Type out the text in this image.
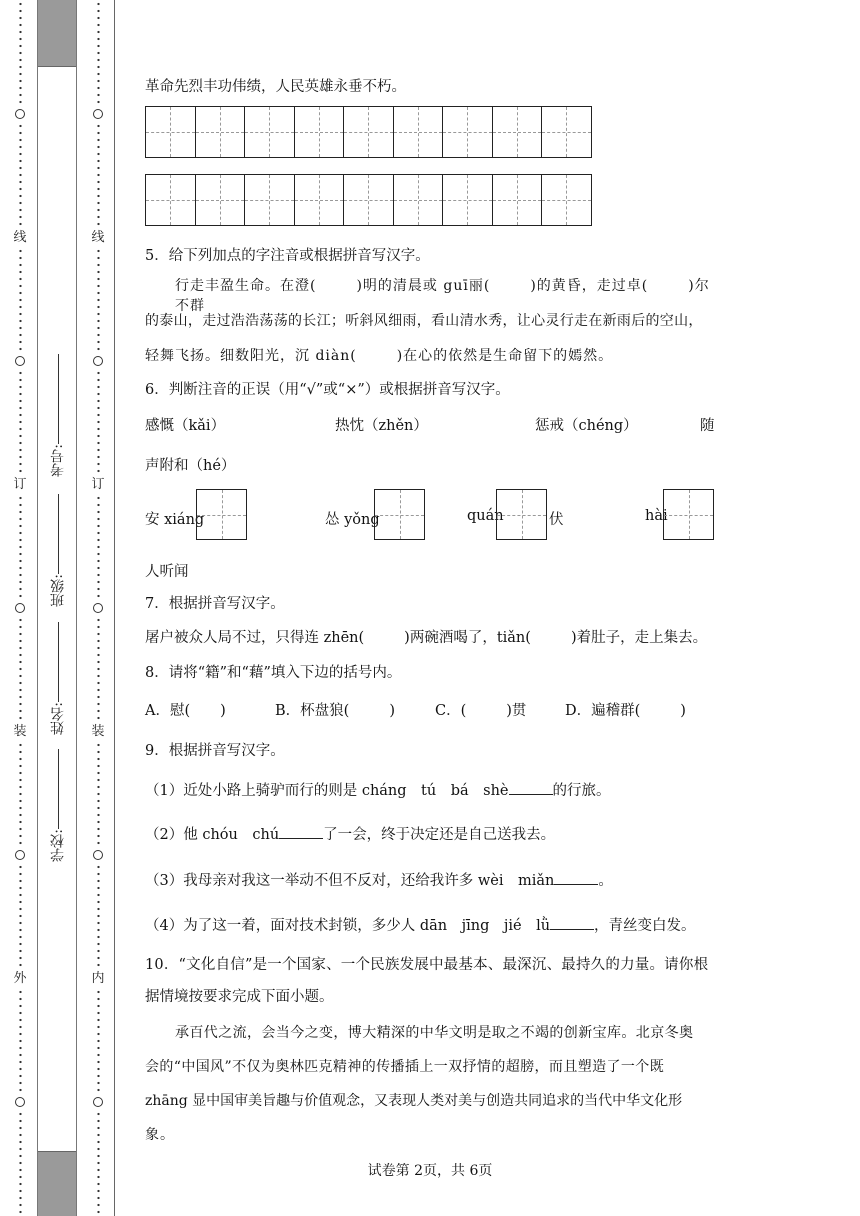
线
订
装
外
考号:
班级:
姓名:
学校:
线
订
装
内

革命先烈丰功伟绩，人民英雄永垂不朽。

5．给下列加点的字注音或根据拼音写汉字。

行走丰盈生命。在澄(	)明的清晨或 guī丽(	)的黄昏，走过卓(	)尔不群
的泰山，走过浩浩荡荡的长江；听斜风细雨，看山清水秀，让心灵行走在新雨后的空山，
轻舞飞扬。细数阳光，沉 diàn(	)在心的依然是生命留下的嫣然。

6．判断注音的正误（用“√”或“×”）或根据拼音写汉字。

感慨（kǎi）	热忱（zhěn）	惩戒（chéng）	随

声附和（hé）

安 xiáng	怂 yǒng	quán	伏	hài

人听闻

7．根据拼音写汉字。

屠户被众人局不过，只得连 zhēn(	)两碗酒喝了，tiǎn(	)着肚子，走上集去。

8．请将“籍”和“藉”填入下边的括号内。

A．慰( )	B．杯盘狼(	)	C．(	)贯	D．遍稽群(	)

9．根据拼音写汉字。

（1）近处小路上骑驴而行的则是 cháng　tú　bá　shè	的行旅。

（2）他 chóu　chú	了一会，终于决定还是自己送我去。

（3）我母亲对我这一举动不但不反对，还给我许多 wèi　miǎn	。

（4）为了这一着，面对技术封锁，多少人 dān　jīng　jié　lǜ	，青丝变白发。

10．“文化自信”是一个国家、一个民族发展中最基本、最深沉、最持久的力量。请你根

据情境按要求完成下面小题。

承百代之流，会当今之变，博大精深的中华文明是取之不竭的创新宝库。北京冬奥
会的“中国风”不仅为奥林匹克精神的传播插上一双抒情的超膀，而且塑造了一个既
zhāng 显中国审美旨趣与价值观念，又表现人类对美与创造共同追求的当代中华文化形
象。
试卷第 2页，共 6页
